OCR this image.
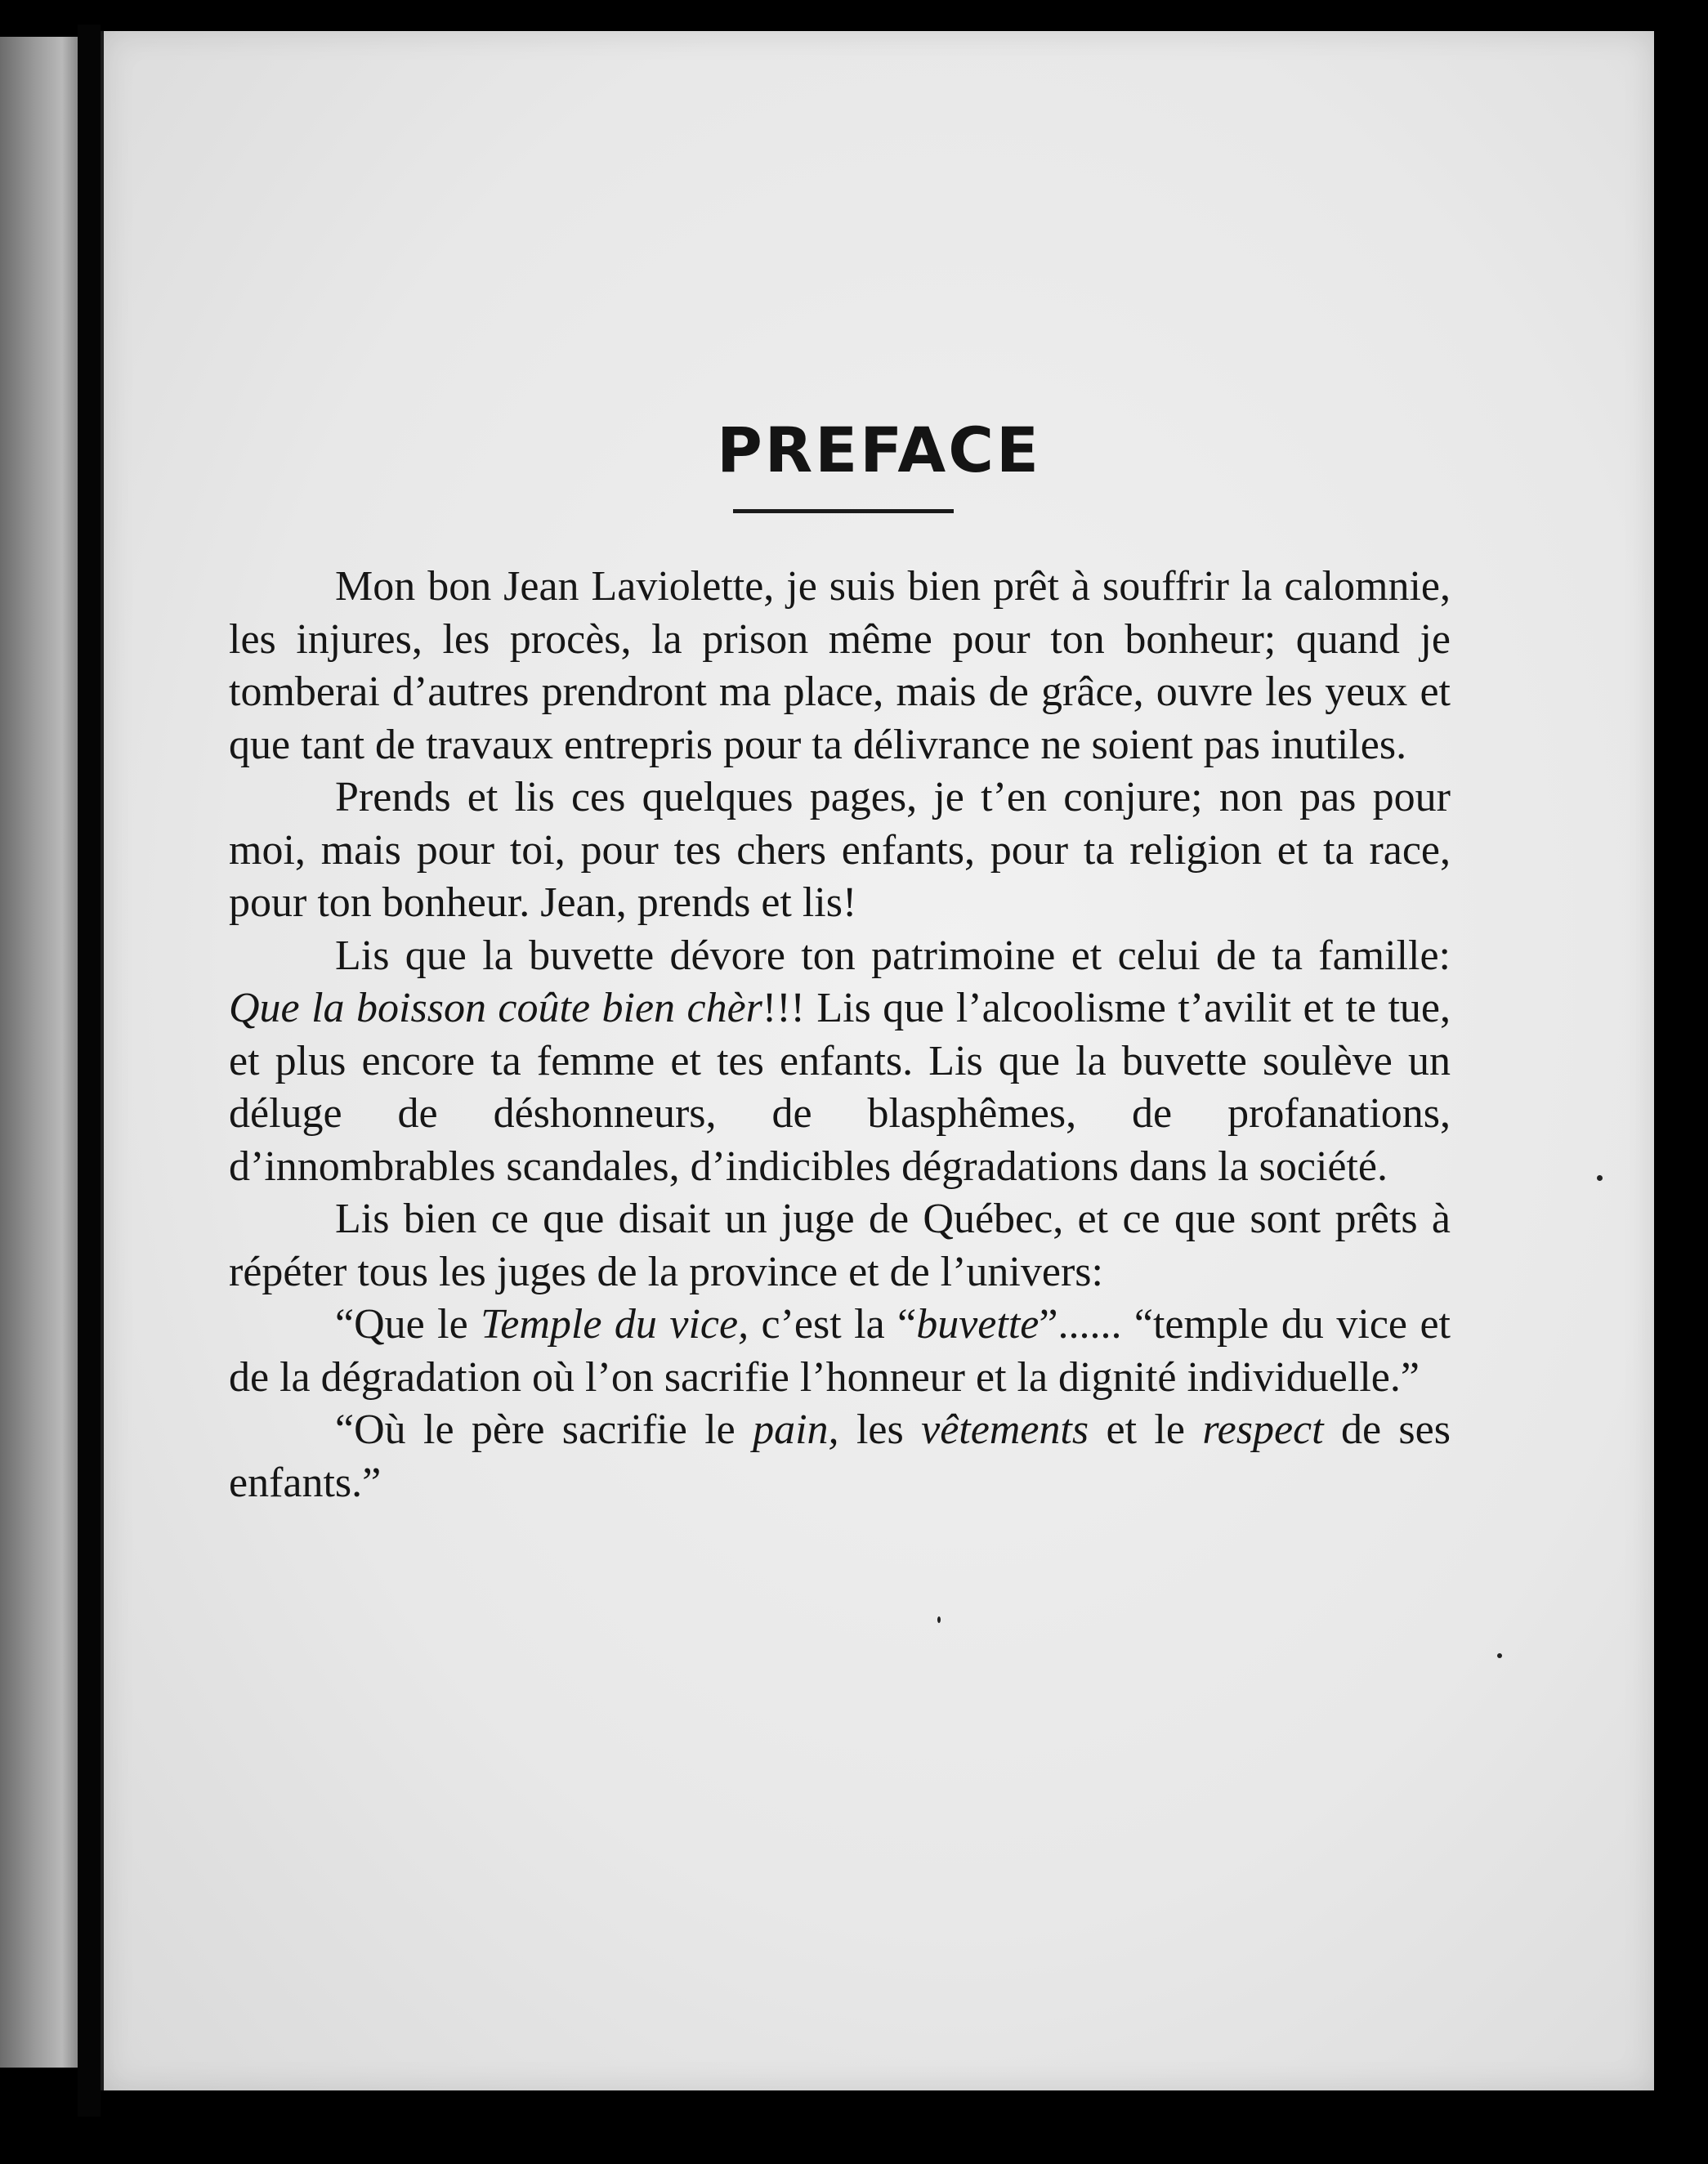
PREFACE

Mon bon Jean Laviolette, je suis bien prêt à souffrir la calomnie, les injures, les procès, la prison même pour ton bonheur; quand je tomberai d’autres prendront ma place, mais de grâce, ouvre les yeux et que tant de travaux entrepris pour ta délivrance ne soient pas inutiles.

Prends et lis ces quelques pages, je t’en conjure; non pas pour moi, mais pour toi, pour tes chers enfants, pour ta religion et ta race, pour ton bonheur. Jean, prends et lis!

Lis que la buvette dévore ton patrimoine et celui de ta famille: Que la boisson coûte bien chèr!!! Lis que l’alcoolisme t’avilit et te tue, et plus encore ta femme et tes enfants. Lis que la buvette soulève un déluge de déshonneurs, de blasphêmes, de profanations, d’innombrables scandales, d’indicibles dégradations dans la société.

Lis bien ce que disait un juge de Québec, et ce que sont prêts à répéter tous les juges de la province et de l’univers:

“Que le Temple du vice, c’est la “buvette”...... “temple du vice et de la dégradation où l’on sacrifie l’honneur et la dignité individuelle.”

“Où le père sacrifie le pain, les vêtements et le respect de ses enfants.”
